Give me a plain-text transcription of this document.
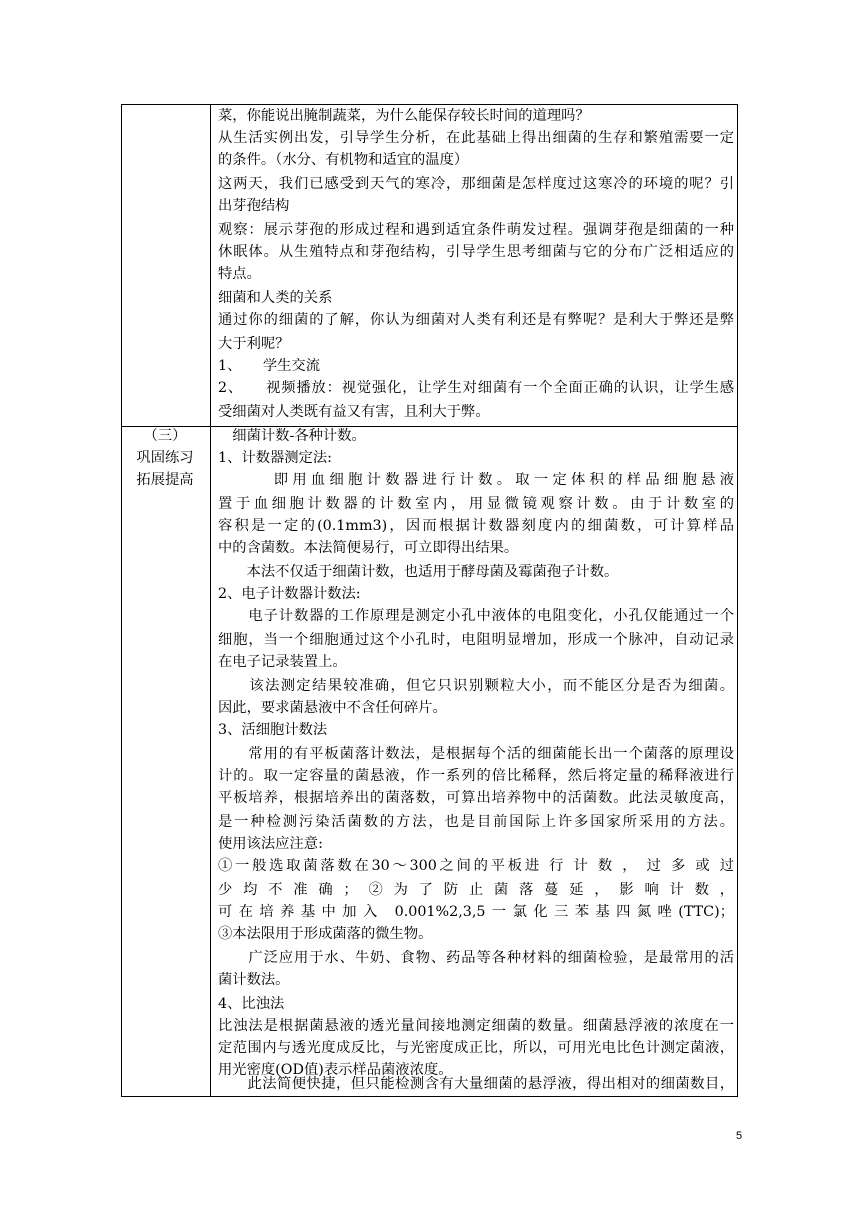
菜，你能说出腌制蔬菜，为什么能保存较长时间的道理吗？
从生活实例出发，引导学生分析，在此基础上得出细菌的生存和繁殖需要一定
的条件。（水分、有机物和适宜的温度）
这两天，我们已感受到天气的寒冷，那细菌是怎样度过这寒冷的环境的呢？引
出芽孢结构
观察：展示芽孢的形成过程和遇到适宜条件萌发过程。强调芽孢是细菌的一种
休眠体。从生殖特点和芽孢结构，引导学生思考细菌与它的分布广泛相适应的
特点。
细菌和人类的关系
通过你的细菌的了解，你认为细菌对人类有利还是有弊呢？是利大于弊还是弊
大于利呢？
1、　　学生交流
2、　　视频播放：视觉强化，让学生对细菌有一个全面正确的认识，让学生感
受细菌对人类既有益又有害，且利大于弊。
（三）
巩固练习
拓展提高
　细菌计数-各种计数。
1、计数器测定法:
　　　即用血细胞计数器进行计数。取一定体积的样品细胞悬液
置于血细胞计数器的计数室内，用显微镜观察计数。由于计数室的
容积是一定的(0.1mm3)，因而根据计数器刻度内的细菌数，可计算样品
中的含菌数。本法简便易行，可立即得出结果。
　　本法不仅适于细菌计数，也适用于酵母菌及霉菌孢子计数。
2、电子计数器计数法:
　　电子计数器的工作原理是测定小孔中液体的电阻变化，小孔仅能通过一个
细胞，当一个细胞通过这个小孔时，电阻明显增加，形成一个脉冲，自动记录
在电子记录装置上。
　　该法测定结果较准确，但它只识别颗粒大小，而不能区分是否为细菌。
因此，要求菌悬液中不含任何碎片。
3、活细胞计数法
　　常用的有平板菌落计数法，是根据每个活的细菌能长出一个菌落的原理设
计的。取一定容量的菌悬液，作一系列的倍比稀释，然后将定量的稀释液进行
平板培养，根据培养出的菌落数，可算出培养物中的活菌数。此法灵敏度高，
是一种检测污染活菌数的方法，也是目前国际上许多国家所采用的方法。
使用该法应注意:
①一般选取菌落数在30～300之间的平板进 行 计 数 ， 过 多 或 过
少均不准确；②为了防止菌落蔓延，影响计数，
可在培养基中加入 0.001%2,3,5一氯化三苯基四氮唑(TTC)；
③本法限用于形成菌落的微生物。
　　广泛应用于水、牛奶、食物、药品等各种材料的细菌检验，是最常用的活
菌计数法。
4、比浊法
比浊法是根据菌悬液的透光量间接地测定细菌的数量。细菌悬浮液的浓度在一
定范围内与透光度成反比，与光密度成正比，所以，可用光电比色计测定菌液，
用光密度(OD值)表示样品菌液浓度。
　　此法简便快捷，但只能检测含有大量细菌的悬浮液，得出相对的细菌数目，
5
